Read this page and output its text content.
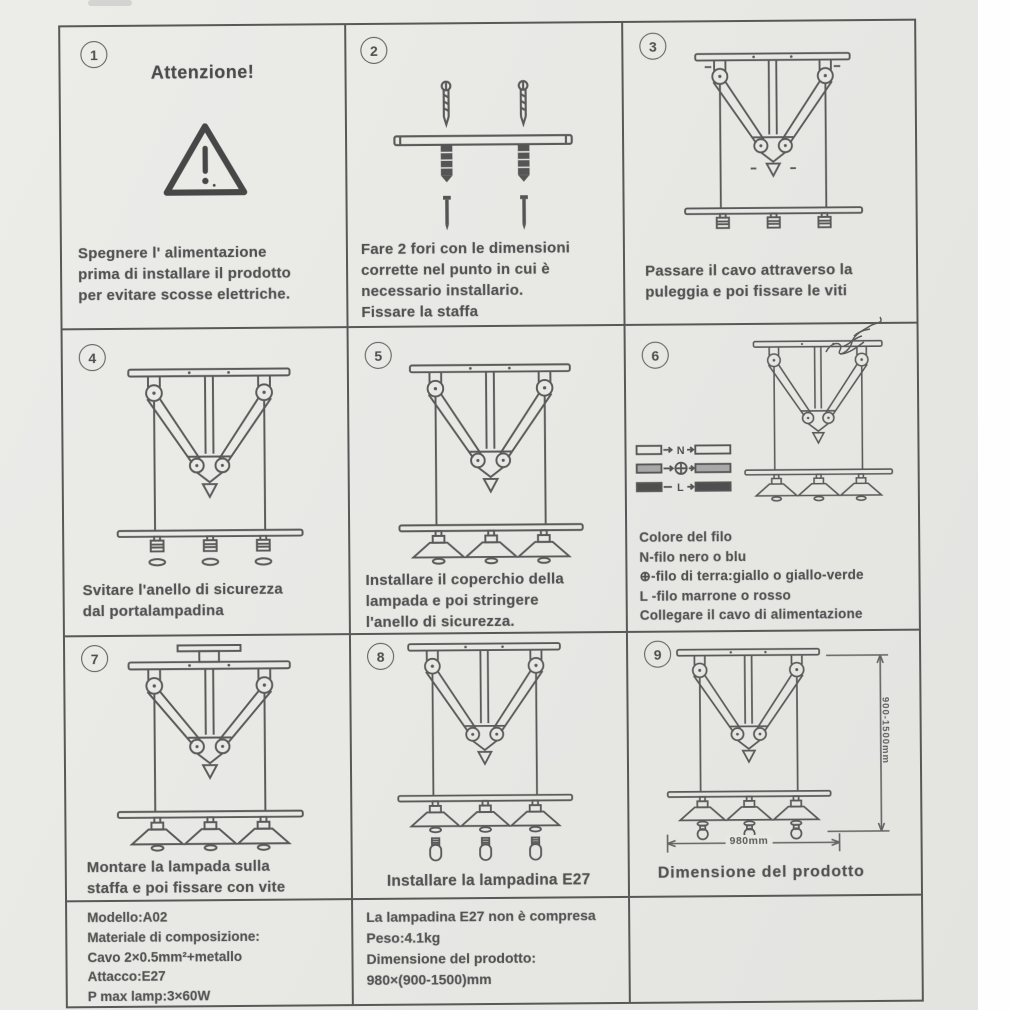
1
Attenzione!
Spegnere l' alimentazione
prima di installare il prodotto
per evitare scosse elettriche.
2
Fare 2 fori con le dimensioni
corrette nel punto in cui è
necessario installario.
Fissare la staffa
3
Passare il cavo attraverso la
puleggia e poi fissare le viti
4
Svitare l'anello di sicurezza
dal portalampadina
5
Installare il coperchio della
lampada e poi stringere
l'anello di sicurezza.
6
N
L
Colore del filo
N-filo nero o blu
⊕-filo di terra:giallo o giallo-verde
L -filo marrone o rosso
Collegare il cavo di alimentazione
7
Montare la lampada sulla
staffa e poi fissare con vite
8
Installare la lampadina E27
9
900-1500mm
980mm
Dimensione del prodotto
Modello:A02
Materiale di composizione:
Cavo 2×0.5mm²+metallo
Attacco:E27
P max lamp:3×60W
La lampadina E27 non è compresa
Peso:4.1kg
Dimensione del prodotto:
980×(900-1500)mm
